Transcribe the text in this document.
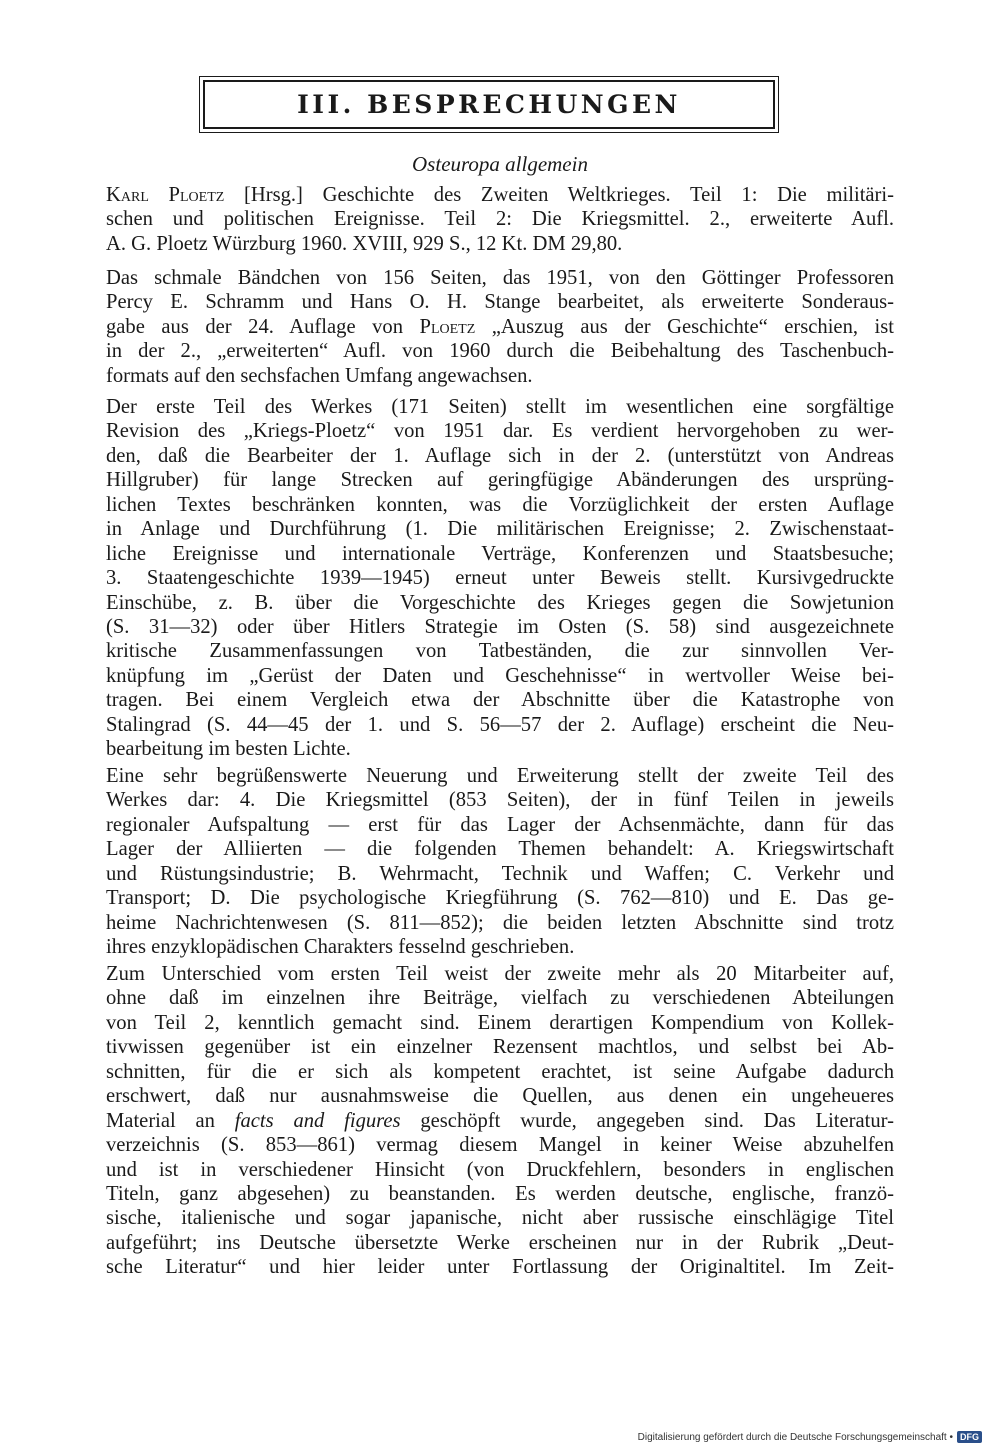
III. BESPRECHUNGEN
Osteuropa allgemein
Karl Ploetz [Hrsg.] Geschichte des Zweiten Weltkrieges. Teil 1: Die militäri-
schen und politischen Ereignisse. Teil 2: Die Kriegsmittel. 2., erweiterte Aufl.
A. G. Ploetz Würzburg 1960. XVIII, 929 S., 12 Kt. DM 29,80.
Das schmale Bändchen von 156 Seiten, das 1951, von den Göttinger Professoren
Percy E. Schramm und Hans O. H. Stange bearbeitet, als erweiterte Sonderaus-
gabe aus der 24. Auflage von Ploetz „Auszug aus der Geschichte“ erschien, ist
in der 2., „erweiterten“ Aufl. von 1960 durch die Beibehaltung des Taschenbuch-
formats auf den sechsfachen Umfang angewachsen.
Der erste Teil des Werkes (171 Seiten) stellt im wesentlichen eine sorgfältige
Revision des „Kriegs-Ploetz“ von 1951 dar. Es verdient hervorgehoben zu wer-
den, daß die Bearbeiter der 1. Auflage sich in der 2. (unterstützt von Andreas
Hillgruber) für lange Strecken auf geringfügige Abänderungen des ursprüng-
lichen Textes beschränken konnten, was die Vorzüglichkeit der ersten Auflage
in Anlage und Durchführung (1. Die militärischen Ereignisse; 2. Zwischenstaat-
liche Ereignisse und internationale Verträge, Konferenzen und Staatsbesuche;
3. Staatengeschichte 1939—1945) erneut unter Beweis stellt. Kursivgedruckte
Einschübe, z. B. über die Vorgeschichte des Krieges gegen die Sowjetunion
(S. 31—32) oder über Hitlers Strategie im Osten (S. 58) sind ausgezeichnete
kritische Zusammenfassungen von Tatbeständen, die zur sinnvollen Ver-
knüpfung im „Gerüst der Daten und Geschehnisse“ in wertvoller Weise bei-
tragen. Bei einem Vergleich etwa der Abschnitte über die Katastrophe von
Stalingrad (S. 44—45 der 1. und S. 56—57 der 2. Auflage) erscheint die Neu-
bearbeitung im besten Lichte.
Eine sehr begrüßenswerte Neuerung und Erweiterung stellt der zweite Teil des
Werkes dar: 4. Die Kriegsmittel (853 Seiten), der in fünf Teilen in jeweils
regionaler Aufspaltung — erst für das Lager der Achsenmächte, dann für das
Lager der Alliierten — die folgenden Themen behandelt: A. Kriegswirtschaft
und Rüstungsindustrie; B. Wehrmacht, Technik und Waffen; C. Verkehr und
Transport; D. Die psychologische Kriegführung (S. 762—810) und E. Das ge-
heime Nachrichtenwesen (S. 811—852); die beiden letzten Abschnitte sind trotz
ihres enzyklopädischen Charakters fesselnd geschrieben.
Zum Unterschied vom ersten Teil weist der zweite mehr als 20 Mitarbeiter auf,
ohne daß im einzelnen ihre Beiträge, vielfach zu verschiedenen Abteilungen
von Teil 2, kenntlich gemacht sind. Einem derartigen Kompendium von Kollek-
tivwissen gegenüber ist ein einzelner Rezensent machtlos, und selbst bei Ab-
schnitten, für die er sich als kompetent erachtet, ist seine Aufgabe dadurch
erschwert, daß nur ausnahmsweise die Quellen, aus denen ein ungeheueres
Material an facts and figures geschöpft wurde, angegeben sind. Das Literatur-
verzeichnis (S. 853—861) vermag diesem Mangel in keiner Weise abzuhelfen
und ist in verschiedener Hinsicht (von Druckfehlern, besonders in englischen
Titeln, ganz abgesehen) zu beanstanden. Es werden deutsche, englische, franzö-
sische, italienische und sogar japanische, nicht aber russische einschlägige Titel
aufgeführt; ins Deutsche übersetzte Werke erscheinen nur in der Rubrik „Deut-
sche Literatur“ und hier leider unter Fortlassung der Originaltitel. Im Zeit-
Digitalisierung gefördert durch die Deutsche Forschungsgemeinschaft • DFG
